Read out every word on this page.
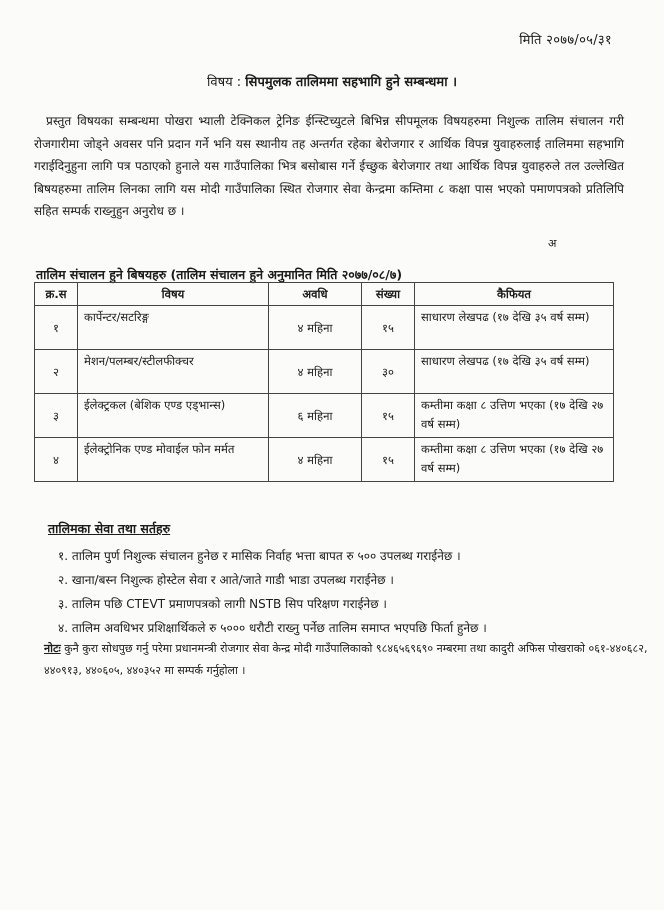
मिति २०७७/०५/३१
विषय : सिपमुलक तालिममा सहभागि हुने सम्बन्धमा ।

प्रस्तुत विषयका सम्बन्धमा पोखरा भ्याली टेक्निकल ट्रेनिङ ईन्स्टिच्युटले बिभिन्न सीपमूलक विषयहरुमा निशुल्क तालिम संचालन गरी रोजगारीमा जोड्ने अवसर पनि प्रदान गर्ने भनि यस स्थानीय तह अन्तर्गत रहेका बेरोजगार र आर्थिक विपन्न युवाहरुलाई तालिममा सहभागि गराईदिनुहुना लागि पत्र पठाएको हुनाले यस गाउँपालिका भित्र बसोबास गर्ने ईच्छुक बेरोजगार तथा आर्थिक विपन्न युवाहरुले तल उल्लेखित बिषयहरुमा तालिम लिनका लागि यस मोदी गाउँपालिका स्थित रोजगार सेवा केन्द्रमा कम्तिमा ८ कक्षा पास भएको पमाणपत्रको प्रतिलिपि सहित सम्पर्क राख्नुहुन अनुरोध छ ।

अ
तालिम संचालन हुने बिषयहरु (तालिम संचालन हुने अनुमानित मिति २०७७/०८/७)
क्र.स	विषय	अवधि	संख्या	कैफियत
१	कार्पेन्टर/सटरिङ्ग	४ महिना	१५	साधारण लेखपढ (१७ देखि ३५ वर्ष सम्म)
२	मेशन/पलम्बर/स्टीलफीक्चर	४ महिना	३०	साधारण लेखपढ (१७ देखि ३५ वर्ष सम्म)
३	ईलेक्ट्रकल (बेशिक एण्ड एड्भान्स)	६ महिना	१५	कम्तीमा कक्षा ८ उत्तिण भएका (१७ देखि २७ वर्ष सम्म)
४	ईलेक्ट्रोनिक एण्ड मोवाईल फोन मर्मत	४ महिना	१५	कम्तीमा कक्षा ८ उत्तिण भएका (१७ देखि २७ वर्ष सम्म)
तालिमका सेवा तथा सर्तहरु
१. तालिम पुर्ण निशुल्क संचालन हुनेछ र मासिक निर्वाह भत्ता बापत रु ५०० उपलब्ध गराईनेछ ।
२. खाना/बस्न निशुल्क होस्टेल सेवा र आते/जाते गाडी भाडा उपलब्ध गराईनेछ ।
३. तालिम पछि CTEVT प्रमाणपत्रको लागी NSTB सिप परिक्षण गराईनेछ ।
४. तालिम अवधिभर प्रशिक्षार्थिकले रु ५००० धरौटी राख्नु पर्नेछ तालिम समाप्त भएपछि फिर्ता हुनेछ ।
नोटः कुनै कुरा सोधपुछ गर्नु परेमा प्रधानमन्त्री रोजगार सेवा केन्द्र मोदी गाउँपालिकाको ९८४६५६९६९० नम्बरमा तथा कादुरी अफिस पोखराको ०६१-४४०६८२, ४४०९१३, ४४०६०५, ४४०३५२ मा सम्पर्क गर्नुहोला ।
